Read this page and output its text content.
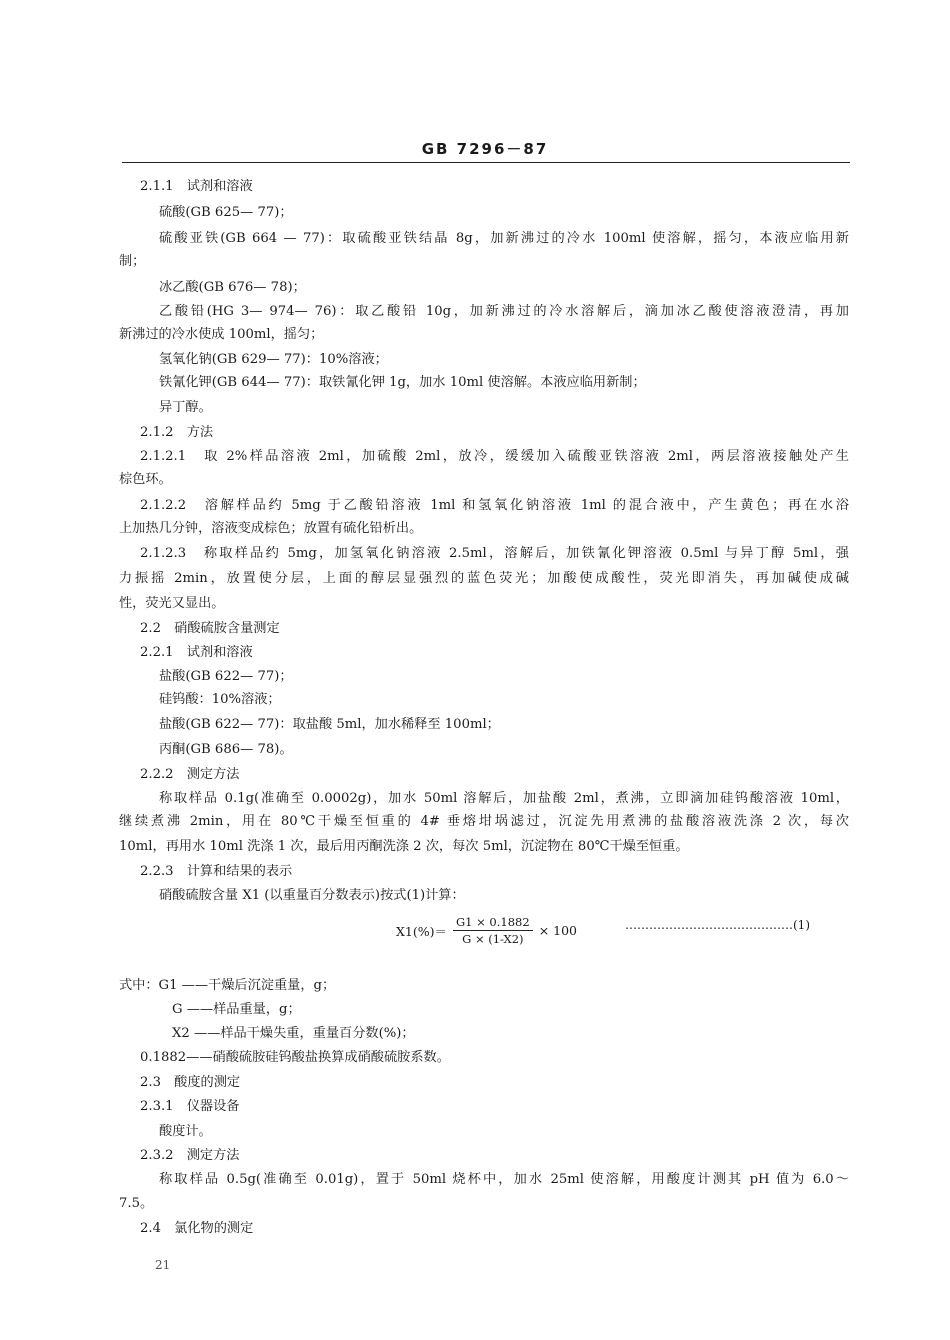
GB 7296－87
2.1.1　试剂和溶液
硫酸(GB 625— 77)；
硫酸亚铁(GB 664 — 77)：取硫酸亚铁结晶 8g，加新沸过的冷水 100ml 使溶解，摇匀，本液应临用新
制；
冰乙酸(GB 676— 78)；
乙酸铅(HG 3— 974— 76)：取乙酸铅 10g，加新沸过的冷水溶解后，滴加冰乙酸使溶液澄清，再加
新沸过的冷水使成 100ml，摇匀；
氢氧化钠(GB 629— 77)：10%溶液；
铁氰化钾(GB 644— 77)：取铁氰化钾 1g，加水 10ml 使溶解。本液应临用新制；
异丁醇。
2.1.2　方法
2.1.2.1　取 2%样品溶液 2ml，加硫酸 2ml，放冷，缓缓加入硫酸亚铁溶液 2ml，两层溶液接触处产生
棕色环。
2.1.2.2　溶解样品约 5mg 于乙酸铅溶液 1ml 和氢氧化钠溶液 1ml 的混合液中，产生黄色；再在水浴
上加热几分钟，溶液变成棕色；放置有硫化铅析出。
2.1.2.3　称取样品约 5mg，加氢氧化钠溶液 2.5ml，溶解后，加铁氰化钾溶液 0.5ml 与异丁醇 5ml，强
力振摇 2min，放置使分层，上面的醇层显强烈的蓝色荧光；加酸使成酸性，荧光即消失，再加碱使成碱
性，荧光又显出。
2.2　硝酸硫胺含量测定
2.2.1　试剂和溶液
盐酸(GB 622— 77)；
硅钨酸：10%溶液；
盐酸(GB 622— 77)：取盐酸 5ml，加水稀释至 100ml；
丙酮(GB 686— 78)。
2.2.2　测定方法
称取样品 0.1g(准确至 0.0002g)，加水 50ml 溶解后，加盐酸 2ml，煮沸，立即滴加硅钨酸溶液 10ml，
继续煮沸 2min，用在 80℃干燥至恒重的 4# 垂熔坩埚滤过，沉淀先用煮沸的盐酸溶液洗涤 2 次，每次
10ml，再用水 10ml 洗涤 1 次，最后用丙酮洗涤 2 次，每次 5ml，沉淀物在 80℃干燥至恒重。
2.2.3　计算和结果的表示
硝酸硫胺含量 X1 (以重量百分数表示)按式(1)计算：
$X1(\%)= \frac{G1 \times 0.1882}{G \times (1-X2)} \times 100$	……………………………………(1)
式中：G1 ——干燥后沉淀重量，g；
G ——样品重量，g；
X2 ——样品干燥失重，重量百分数(%)；
0.1882——硝酸硫胺硅钨酸盐换算成硝酸硫胺系数。
2.3　酸度的测定
2.3.1　仪器设备
酸度计。
2.3.2　测定方法
称取样品 0.5g(准确至 0.01g)，置于 50ml 烧杯中，加水 25ml 使溶解，用酸度计测其 pH 值为 6.0～
7.5。
2.4　氯化物的测定
21
